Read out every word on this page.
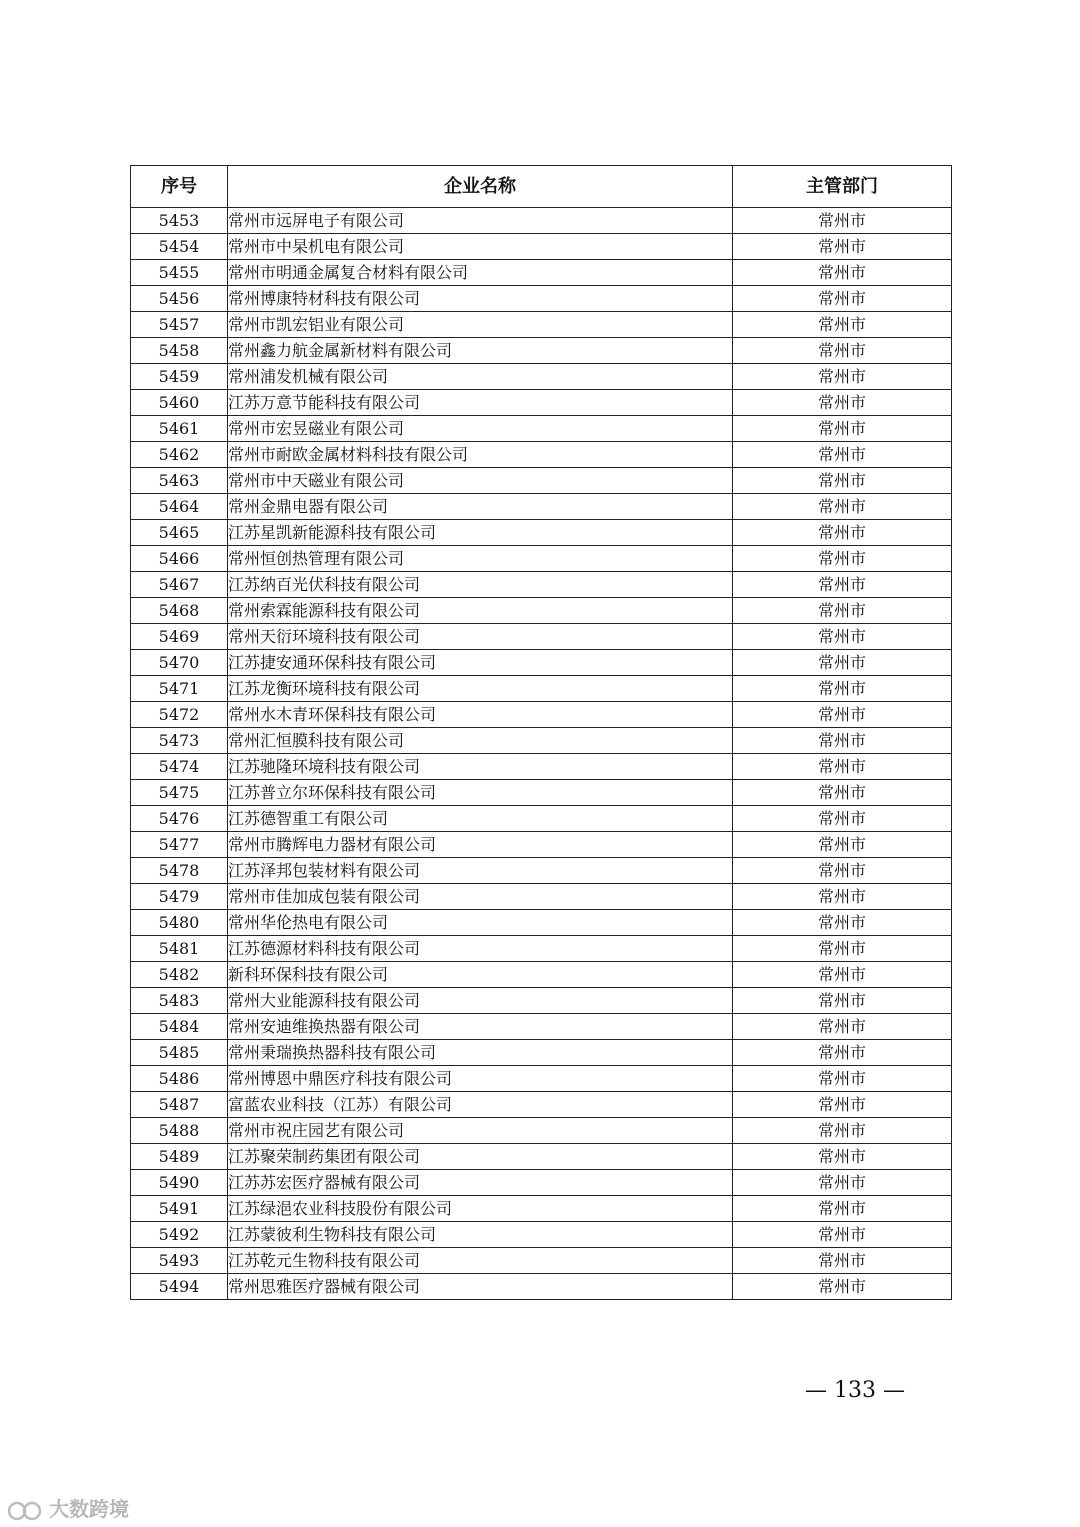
序号	企业名称	主管部门
5453	常州市远屏电子有限公司	常州市
5454	常州市中杲机电有限公司	常州市
5455	常州市明通金属复合材料有限公司	常州市
5456	常州博康特材科技有限公司	常州市
5457	常州市凯宏铝业有限公司	常州市
5458	常州鑫力航金属新材料有限公司	常州市
5459	常州浦发机械有限公司	常州市
5460	江苏万意节能科技有限公司	常州市
5461	常州市宏昱磁业有限公司	常州市
5462	常州市耐欧金属材料科技有限公司	常州市
5463	常州市中天磁业有限公司	常州市
5464	常州金鼎电器有限公司	常州市
5465	江苏星凯新能源科技有限公司	常州市
5466	常州恒创热管理有限公司	常州市
5467	江苏纳百光伏科技有限公司	常州市
5468	常州索霖能源科技有限公司	常州市
5469	常州天衍环境科技有限公司	常州市
5470	江苏捷安通环保科技有限公司	常州市
5471	江苏龙衡环境科技有限公司	常州市
5472	常州水木青环保科技有限公司	常州市
5473	常州汇恒膜科技有限公司	常州市
5474	江苏驰隆环境科技有限公司	常州市
5475	江苏普立尔环保科技有限公司	常州市
5476	江苏德智重工有限公司	常州市
5477	常州市腾辉电力器材有限公司	常州市
5478	江苏泽邦包装材料有限公司	常州市
5479	常州市佳加成包装有限公司	常州市
5480	常州华伦热电有限公司	常州市
5481	江苏德源材料科技有限公司	常州市
5482	新科环保科技有限公司	常州市
5483	常州大业能源科技有限公司	常州市
5484	常州安迪维换热器有限公司	常州市
5485	常州秉瑞换热器科技有限公司	常州市
5486	常州博恩中鼎医疗科技有限公司	常州市
5487	富蓝农业科技（江苏）有限公司	常州市
5488	常州市祝庄园艺有限公司	常州市
5489	江苏聚荣制药集团有限公司	常州市
5490	江苏苏宏医疗器械有限公司	常州市
5491	江苏绿浥农业科技股份有限公司	常州市
5492	江苏蒙彼利生物科技有限公司	常州市
5493	江苏乾元生物科技有限公司	常州市
5494	常州思雅医疗器械有限公司	常州市
— 133 —
大数跨境
